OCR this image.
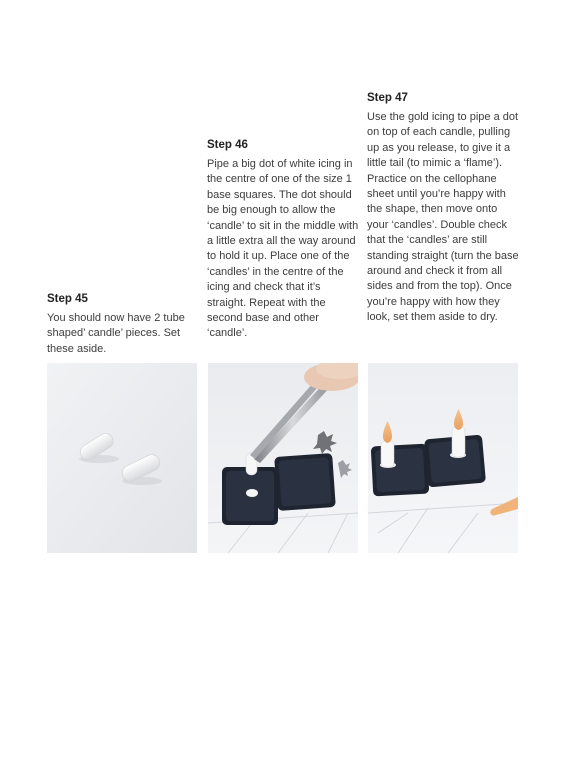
Step 45

You should now have 2 tube shaped’ candle’ pieces. Set these aside.

Step 46

Pipe a big dot of white icing in the centre of one of the size 1 base squares. The dot should be big enough to allow the ‘candle’ to sit in the middle with a little extra all the way around to hold it up. Place one of the ‘candles’ in the centre of the icing and check that it’s straight. Repeat with the second base and other ‘candle’.

Step 47

Use the gold icing to pipe a dot on top of each candle, pulling up as you release, to give it a little tail (to mimic a ‘flame’). Practice on the cellophane sheet until you’re happy with the shape, then move onto your ‘candles’. Double check that the ‘candles’ are still standing straight (turn the base around and check it from all sides and from the top). Once you’re happy with how they look, set them aside to dry.
